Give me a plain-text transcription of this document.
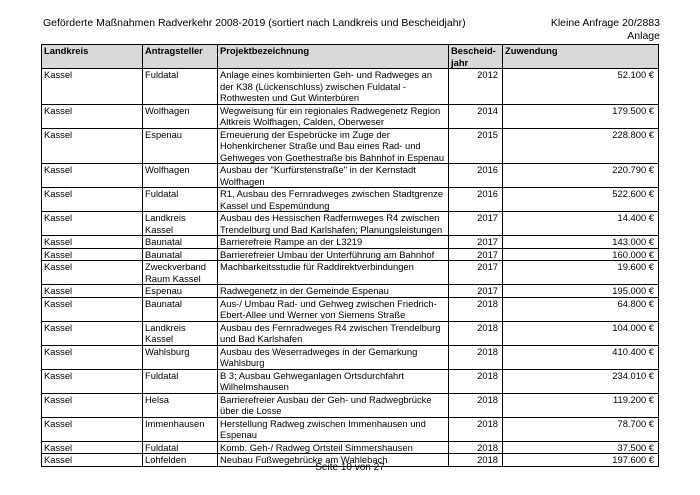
Geförderte Maßnahmen Radverkehr 2008-2019 (sortiert nach Landkreis und Bescheidjahr)	Kleine Anfrage 20/2883
Anlage
Landkreis	Antragsteller	Projektbezeichnung	Bescheid-jahr	Zuwendung
Kassel	Fuldatal	Anlage eines kombinierten Geh- und Radweges an der K38 (Lückenschluss) zwischen Fuldatal - Rothwesten und Gut Winterbüren	2012	52.100 €
Kassel	Wolfhagen	Wegweisung für ein regionales Radwegenetz Region Altkreis Wolfhagen, Calden, Oberweser	2014	179.500 €
Kassel	Espenau	Erneuerung der Espebrücke im Zuge der Hohenkirchener Straße und Bau eines Rad- und Gehweges von Goethestraße bis Bahnhof in Espenau	2015	228.800 €
Kassel	Wolfhagen	Ausbau der "Kurfürstenstraße" in der Kernstadt Wolfhagen	2016	220.790 €
Kassel	Fuldatal	R1, Ausbau des Fernradweges zwischen Stadtgrenze Kassel und Espemündung	2016	522.600 €
Kassel	Landkreis Kassel	Ausbau des Hessischen Radfernweges R4 zwischen Trendelburg und Bad Karlshafen; Planungsleistungen	2017	14.400 €
Kassel	Baunatal	Barrierefreie Rampe an der L3219	2017	143.000 €
Kassel	Baunatal	Barrierefreier Umbau der Unterführung am Bahnhof	2017	160.000 €
Kassel	Zweckverband Raum Kassel	Machbarkeitsstudie für Raddirektverbindungen	2017	19.600 €
Kassel	Espenau	Radwegenetz in der Gemeinde Espenau	2017	195.000 €
Kassel	Baunatal	Aus-/ Umbau Rad- und Gehweg zwischen Friedrich-Ebert-Allee und Werner von Siemens Straße	2018	64.800 €
Kassel	Landkreis Kassel	Ausbau des Fernradweges R4 zwischen Trendelburg und Bad Karlshafen	2018	104.000 €
Kassel	Wahlsburg	Ausbau des Weserradweges in der Gemarkung Wahlsburg	2018	410.400 €
Kassel	Fuldatal	B 3; Ausbau Gehweganlagen Ortsdurchfahrt Wilhelmshausen	2018	234.010 €
Kassel	Helsa	Barrierefreier Ausbau der Geh- und Radwegbrücke über die Losse	2018	119.200 €
Kassel	Immenhausen	Herstellung Radweg zwischen Immenhausen und Espenau	2018	78.700 €
Kassel	Fuldatal	Komb. Geh-/ Radweg Ortsteil Simmershausen	2018	37.500 €
Kassel	Lohfelden	Neubau Fußwegebrücke am Wahlebach	2018	197.600 €
Seite 10 von 27
